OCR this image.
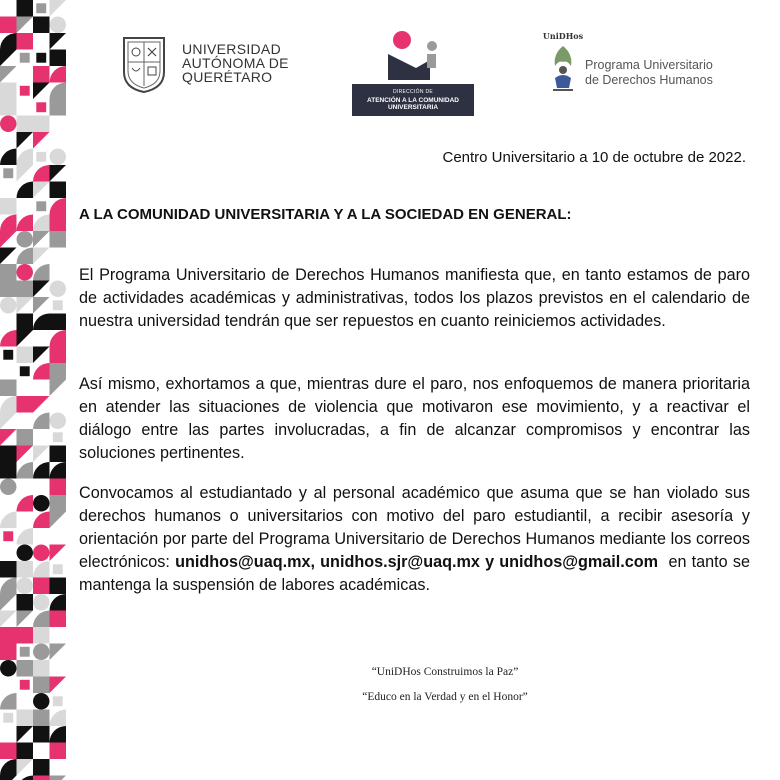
UNIVERSIDAD
AUTÓNOMA DE
QUERÉTARO
DIRECCIÓN DE
ATENCIÓN A LA COMUNIDAD
UNIVERSITARIA
UniDHos
Programa Universitario
de Derechos Humanos
Centro Universitario a 10 de octubre de 2022.
A LA COMUNIDAD UNIVERSITARIA Y A LA SOCIEDAD EN GENERAL:

El Programa Universitario de Derechos Humanos manifiesta que, en tanto estamos de paro de actividades académicas y administrativas, todos los plazos previstos en el calendario de nuestra universidad tendrán que ser repuestos en cuanto reiniciemos actividades.

Así mismo, exhortamos a que, mientras dure el paro, nos enfoquemos de manera prioritaria en atender las situaciones de violencia que motivaron ese movimiento, y a reactivar el diálogo entre las partes involucradas, a fin de alcanzar compromisos y encontrar las soluciones pertinentes.

Convocamos al estudiantado y al personal académico que asuma que se han violado sus derechos humanos o universitarios con motivo del paro estudiantil, a recibir asesoría y orientación por parte del Programa Universitario de Derechos Humanos mediante los correos electrónicos: unidhos@uaq.mx, unidhos.sjr@uaq.mx y unidhos@gmail.com  en tanto se mantenga la suspensión de labores académicas.

“UniDHos Construimos la Paz”
“Educo en la Verdad y en el Honor”
